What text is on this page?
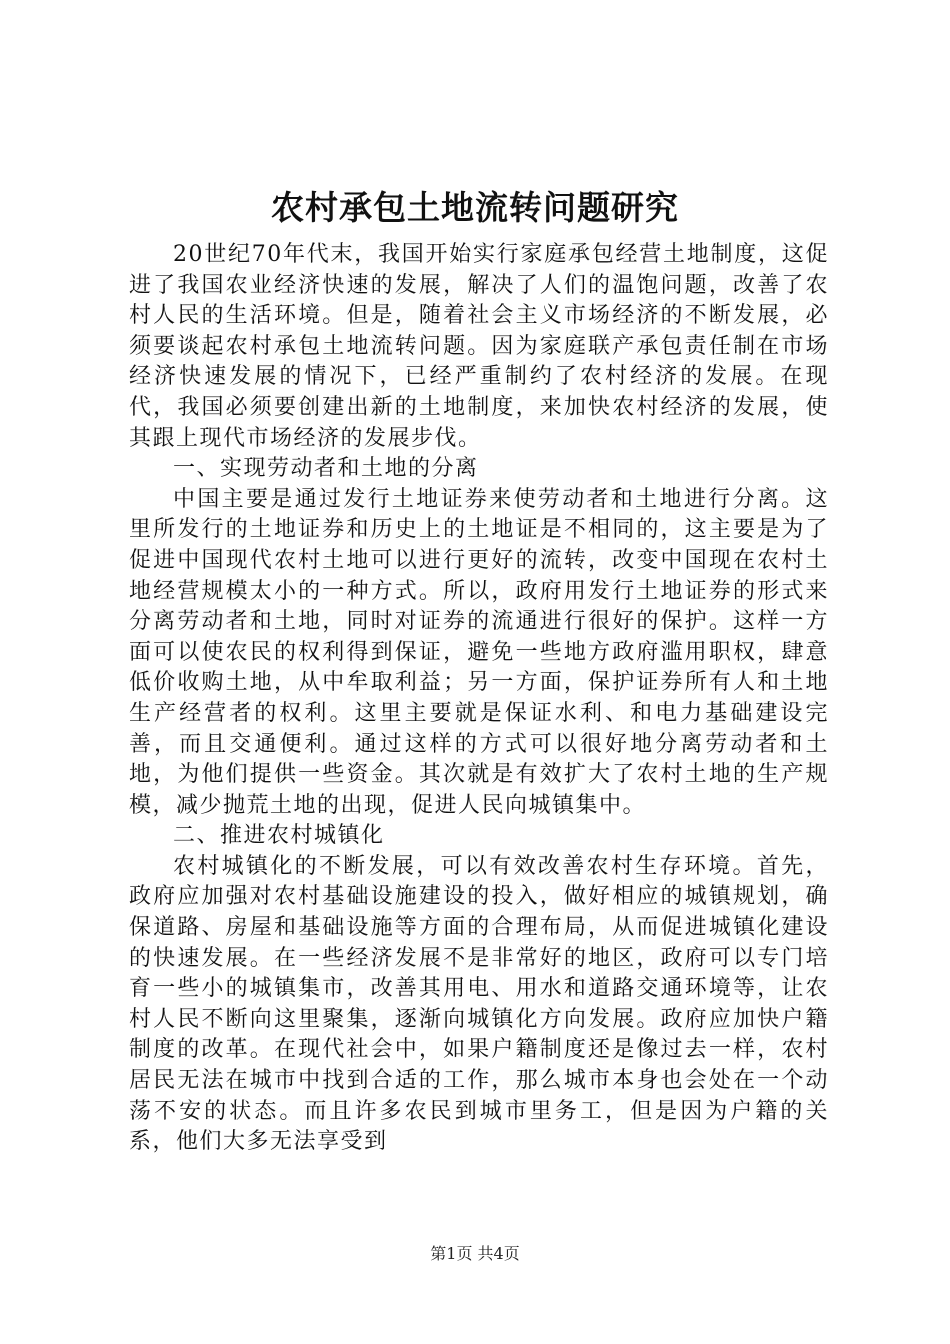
农村承包土地流转问题研究

20世纪70年代末，我国开始实行家庭承包经营土地制度，这促进了我国农业经济快速的发展，解决了人们的温饱问题，改善了农村人民的生活环境。但是，随着社会主义市场经济的不断发展，必须要谈起农村承包土地流转问题。因为家庭联产承包责任制在市场经济快速发展的情况下，已经严重制约了农村经济的发展。在现代，我国必须要创建出新的土地制度，来加快农村经济的发展，使其跟上现代市场经济的发展步伐。

一、实现劳动者和土地的分离

中国主要是通过发行土地证券来使劳动者和土地进行分离。这里所发行的土地证券和历史上的土地证是不相同的，这主要是为了促进中国现代农村土地可以进行更好的流转，改变中国现在农村土地经营规模太小的一种方式。所以，政府用发行土地证券的形式来分离劳动者和土地，同时对证券的流通进行很好的保护。这样一方面可以使农民的权利得到保证，避免一些地方政府滥用职权，肆意低价收购土地，从中牟取利益；另一方面，保护证券所有人和土地生产经营者的权利。这里主要就是保证水利、和电力基础建设完善，而且交通便利。通过这样的方式可以很好地分离劳动者和土地，为他们提供一些资金。其次就是有效扩大了农村土地的生产规模，减少抛荒土地的出现，促进人民向城镇集中。

二、推进农村城镇化

农村城镇化的不断发展，可以有效改善农村生存环境。首先，政府应加强对农村基础设施建设的投入，做好相应的城镇规划，确保道路、房屋和基础设施等方面的合理布局，从而促进城镇化建设的快速发展。在一些经济发展不是非常好的地区，政府可以专门培育一些小的城镇集市，改善其用电、用水和道路交通环境等，让农村人民不断向这里聚集，逐渐向城镇化方向发展。政府应加快户籍制度的改革。在现代社会中，如果户籍制度还是像过去一样，农村居民无法在城市中找到合适的工作，那么城市本身也会处在一个动荡不安的状态。而且许多农民到城市里务工，但是因为户籍的关系，他们大多无法享受到

第1页 共4页
